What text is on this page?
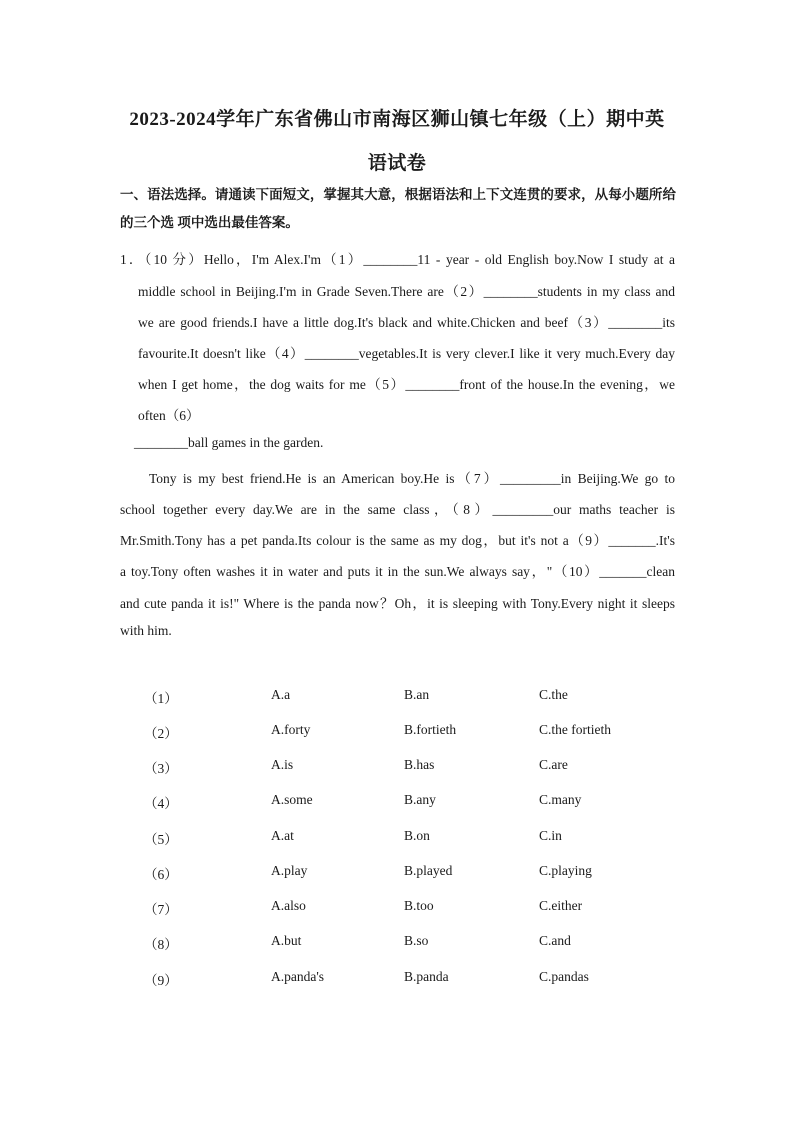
2023-2024学年广东省佛山市南海区狮山镇七年级（上）期中英
语试卷
一、语法选择。请通读下面短文，掌握其大意，根据语法和上下文连贯的要求，从每小题所给的三个选 项中选出最佳答案。
1．（10 分）Hello，I'm Alex.I'm（1）________11 - year - old English boy.Now I study at a
middle school in Beijing.I'm in Grade Seven.There are（2）________students in my class and
we are good friends.I have a little dog.It's black and white.Chicken and beef（3）________its
favourite.It doesn't like（4）________vegetables.It is very clever.I like it very much.Every day
when I get home，the dog waits for me（5）________front of the house.In the evening，we
often（6）
________ball games in the garden.
Tony is my best friend.He is an American boy.He is（7）_________in Beijing.We go to
school together every day.We are in the same class，（8）_________our maths teacher is
Mr.Smith.Tony has a pet panda.Its colour is the same as my dog，but it's not a（9）_______.It's
a toy.Tony often washes it in water and puts it in the sun.We always say，"（10）_______clean
and cute panda it is!" Where is the panda now？Oh，it is sleeping with Tony.Every night it sleeps
with him.
（1）	A.a	B.an	C.the
（2）	A.forty	B.fortieth	C.the fortieth
（3）	A.is	B.has	C.are
（4）	A.some	B.any	C.many
（5）	A.at	B.on	C.in
（6）	A.play	B.played	C.playing
（7）	A.also	B.too	C.either
（8）	A.but	B.so	C.and
（9）	A.panda's	B.panda	C.pandas
